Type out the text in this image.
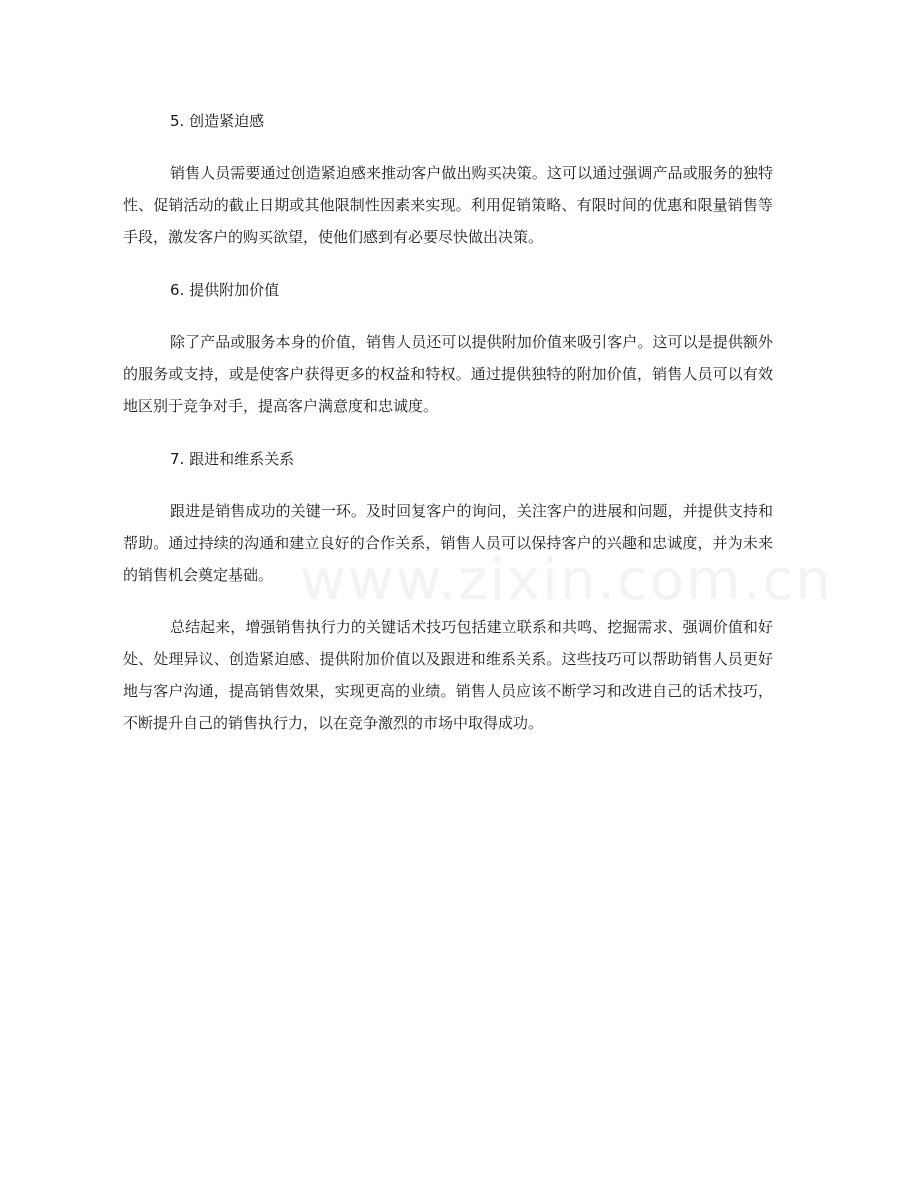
5. 创造紧迫感

销售人员需要通过创造紧迫感来推动客户做出购买决策。这可以通过强调产品或服务的独特性、促销活动的截止日期或其他限制性因素来实现。利用促销策略、有限时间的优惠和限量销售等手段，激发客户的购买欲望，使他们感到有必要尽快做出决策。

6. 提供附加价值

除了产品或服务本身的价值，销售人员还可以提供附加价值来吸引客户。这可以是提供额外的服务或支持，或是使客户获得更多的权益和特权。通过提供独特的附加价值，销售人员可以有效地区别于竞争对手，提高客户满意度和忠诚度。

7. 跟进和维系关系

跟进是销售成功的关键一环。及时回复客户的询问，关注客户的进展和问题，并提供支持和帮助。通过持续的沟通和建立良好的合作关系，销售人员可以保持客户的兴趣和忠诚度，并为未来的销售机会奠定基础。

总结起来，增强销售执行力的关键话术技巧包括建立联系和共鸣、挖掘需求、强调价值和好处、处理异议、创造紧迫感、提供附加价值以及跟进和维系关系。这些技巧可以帮助销售人员更好地与客户沟通，提高销售效果，实现更高的业绩。销售人员应该不断学习和改进自己的话术技巧，不断提升自己的销售执行力，以在竞争激烈的市场中取得成功。

www.zixin.com.cn
